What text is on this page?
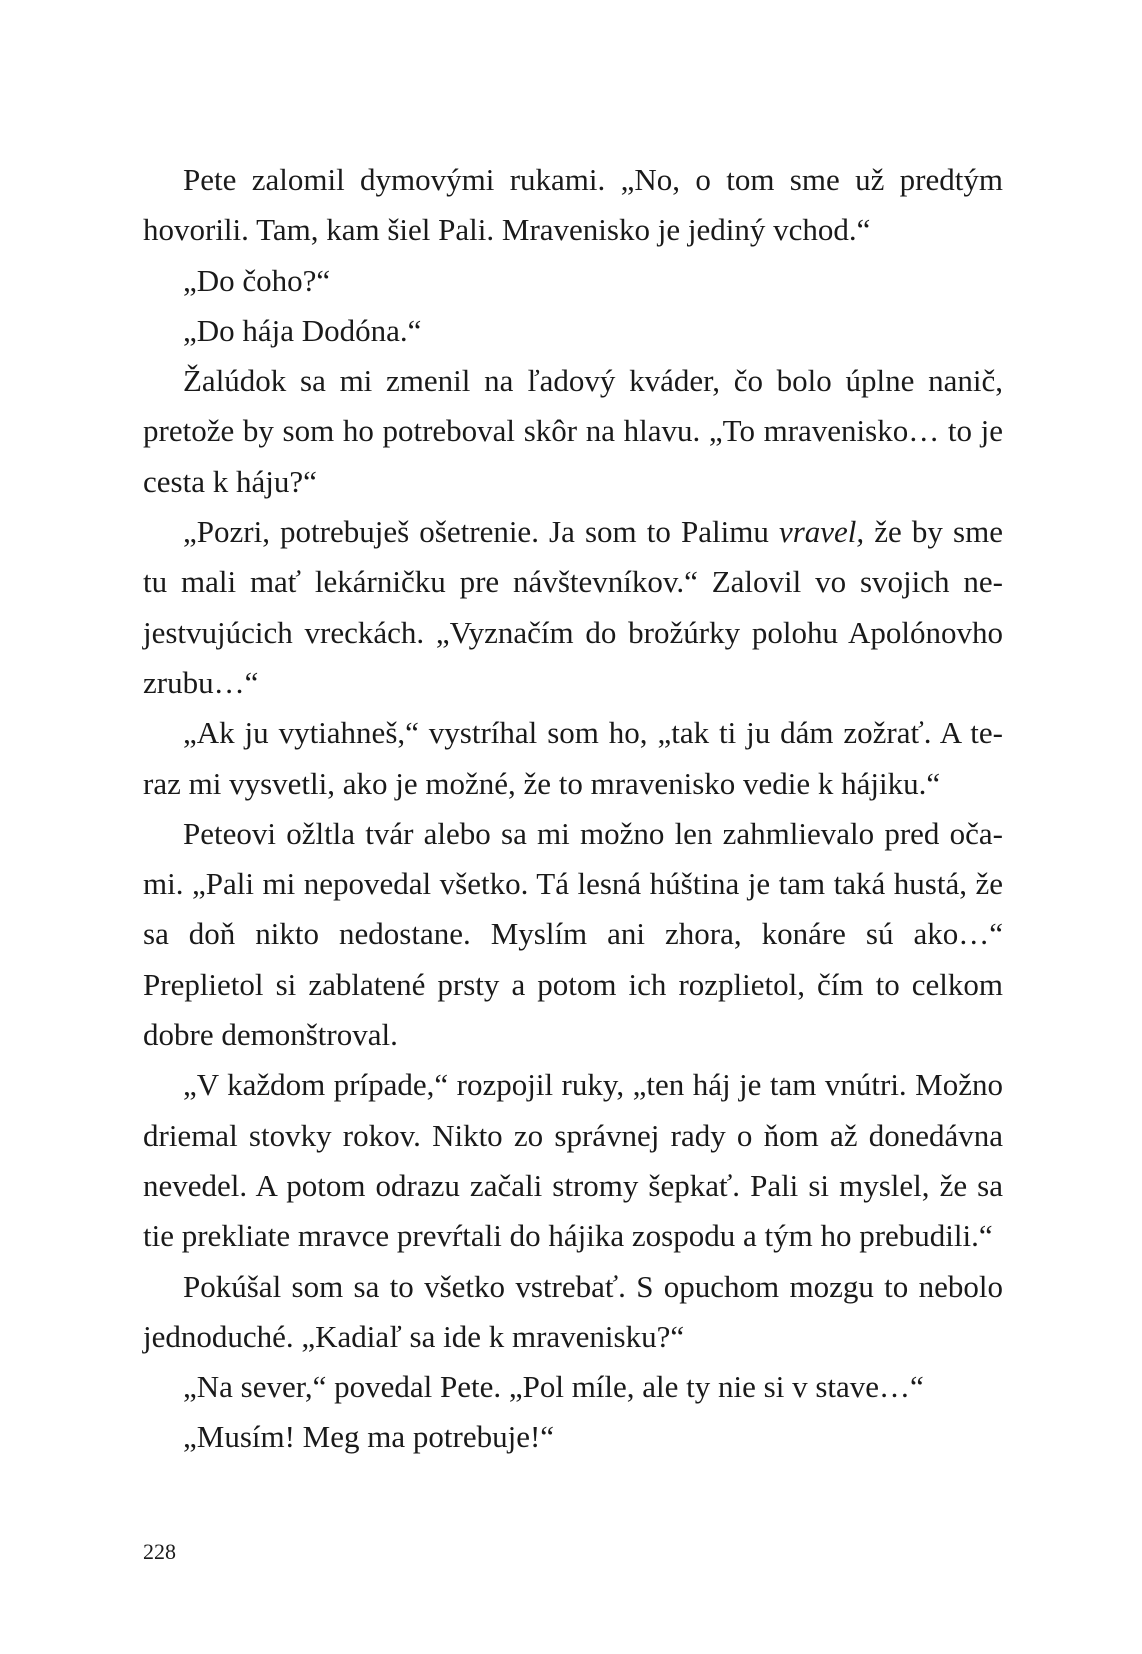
Pete zalomil dymovými rukami. „No, o tom sme už predtým hovorili. Tam, kam šiel Pali. Mravenisko je jediný vchod.“

„Do čoho?“

„Do hája Dodóna.“

Žalúdok sa mi zmenil na ľadový kváder, čo bolo úplne nanič, pretože by som ho potreboval skôr na hlavu. „To mravenisko… to je cesta k háju?“

„Pozri, potrebuješ ošetrenie. Ja som to Palimu vravel, že by sme tu mali mať lekárničku pre návštevníkov.“ Zalovil vo svojich nejestvujúcich vreckách. „Vyznačím do brožúrky polohu Apolónovho zrubu…“

„Ak ju vytiahneš,“ vystríhal som ho, „tak ti ju dám zožrať. A teraz mi vysvetli, ako je možné, že to mravenisko vedie k hájiku.“

Peteovi ožltla tvár alebo sa mi možno len zahmlievalo pred očami. „Pali mi nepovedal všetko. Tá lesná húština je tam taká hustá, že sa doň nikto nedostane. Myslím ani zhora, konáre sú ako…“ Preplietol si zablatené prsty a potom ich rozplietol, čím to celkom dobre demonštroval.

„V každom prípade,“ rozpojil ruky, „ten háj je tam vnútri. Možno driemal stovky rokov. Nikto zo správnej rady o ňom až donedávna nevedel. A potom odrazu začali stromy šepkať. Pali si myslel, že sa tie prekliate mravce prevŕtali do hájika zospodu a tým ho prebudili.“

Pokúšal som sa to všetko vstrebať. S opuchom mozgu to nebolo jednoduché. „Kadiaľ sa ide k mravenisku?“

„Na sever,“ povedal Pete. „Pol míle, ale ty nie si v stave…“

„Musím! Meg ma potrebuje!“

228
